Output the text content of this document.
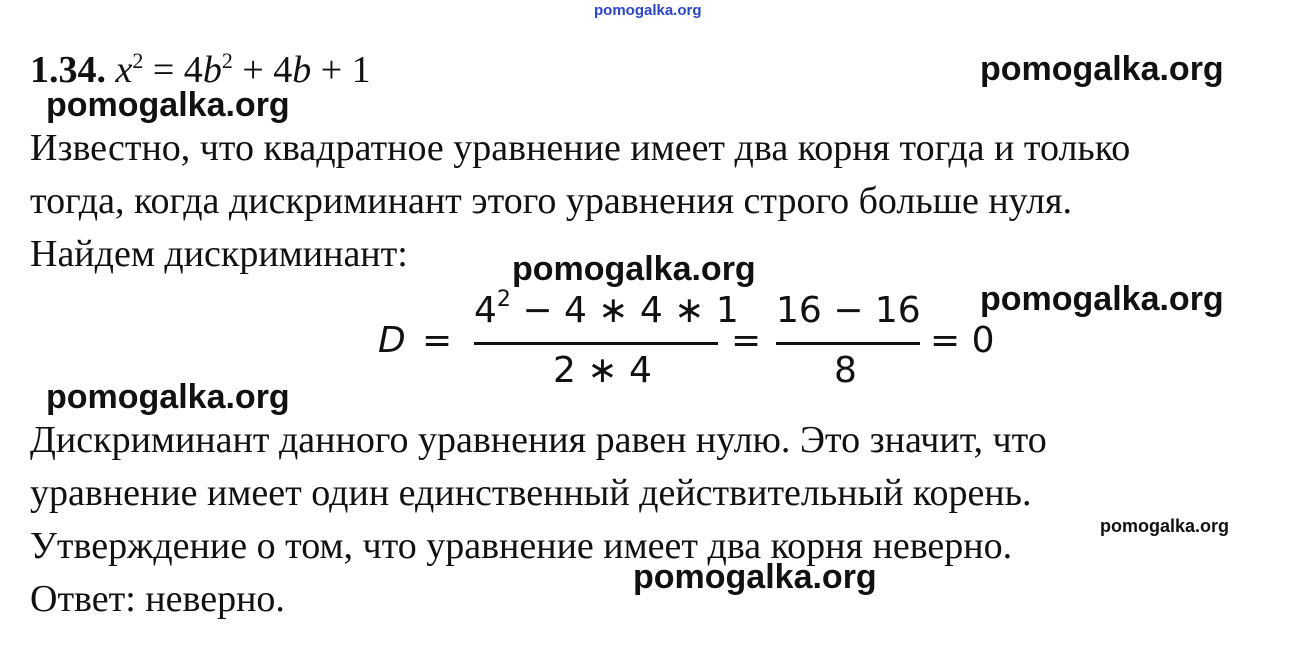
pomogalka.org
1.34. $x^2 = 4b^2 + 4b + 1$	pomogalka.org
pomogalka.org
Известно, что квадратное уравнение имеет два корня тогда и только
тогда, когда дискриминант этого уравнения строго больше нуля.
Найдем дискриминант:	pomogalka.org
pomogalka.org
D =
$4^2 - 4$ ∗ 4 ∗ 1
2 ∗ 4
=
16 − 16
8
= 0
pomogalka.org
Дискриминант данного уравнения равен нулю. Это значит, что
уравнение имеет один единственный действительный корень.
pomogalka.org
Утверждение о том, что уравнение имеет два корня неверно.
pomogalka.org
Ответ: неверно.
